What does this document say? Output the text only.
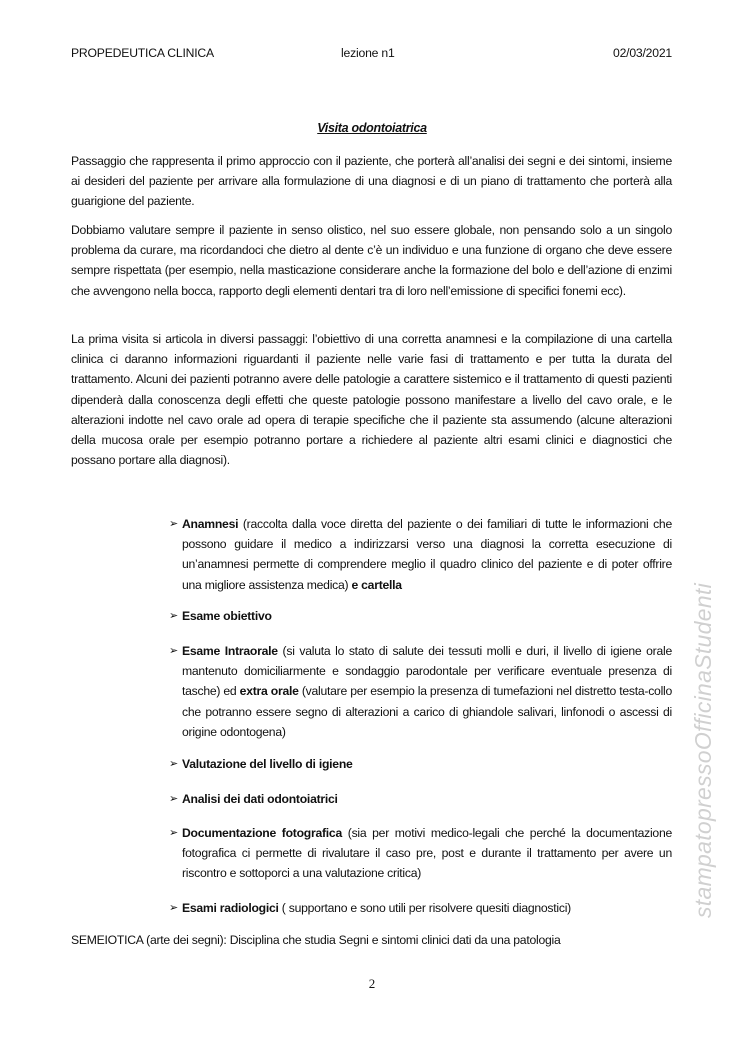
PROPEDEUTICA CLINICA	lezione n1	02/03/2021
Visita odontoiatrica

Passaggio che rappresenta il primo approccio con il paziente, che porterà all’analisi dei segni e dei sintomi, insieme ai desideri del paziente per arrivare alla formulazione di una diagnosi e di un piano di trattamento che porterà alla guarigione del paziente.

Dobbiamo valutare sempre il paziente in senso olistico, nel suo essere globale, non pensando solo a un singolo problema da curare, ma ricordandoci che dietro al dente c’è un individuo e una funzione di organo che deve essere sempre rispettata (per esempio, nella masticazione considerare anche la formazione del bolo e dell’azione di enzimi che avvengono nella bocca, rapporto degli elementi dentari tra di loro nell’emissione di specifici fonemi ecc).

La prima visita si articola in diversi passaggi: l’obiettivo di una corretta anamnesi e la compilazione di una cartella clinica ci daranno informazioni riguardanti il paziente nelle varie fasi di trattamento e per tutta la durata del trattamento. Alcuni dei pazienti potranno avere delle patologie a carattere sistemico e il trattamento di questi pazienti dipenderà dalla conoscenza degli effetti che queste patologie possono manifestare a livello del cavo orale, e le alterazioni indotte nel cavo orale ad opera di terapie specifiche che il paziente sta assumendo (alcune alterazioni della mucosa orale per esempio potranno portare a richiedere al paziente altri esami clinici e diagnostici che possano portare alla diagnosi).

➢ Anamnesi (raccolta dalla voce diretta del paziente o dei familiari di tutte le informazioni che possono guidare il medico a indirizzarsi verso una diagnosi la corretta esecuzione di un’anamnesi permette di comprendere meglio il quadro clinico del paziente e di poter offrire una migliore assistenza medica) e cartella

➢ Esame obiettivo

➢ Esame Intraorale (si valuta lo stato di salute dei tessuti molli e duri, il livello di igiene orale mantenuto domiciliarmente e sondaggio parodontale per verificare eventuale presenza di tasche) ed extra orale (valutare per esempio la presenza di tumefazioni nel distretto testa-collo che potranno essere segno di alterazioni a carico di ghiandole salivari, linfonodi o ascessi di origine odontogena)

➢ Valutazione del livello di igiene

➢ Analisi dei dati odontoiatrici

➢ Documentazione fotografica (sia per motivi medico-legali che perché la documentazione fotografica ci permette di rivalutare il caso pre, post e durante il trattamento per avere un riscontro e sottoporci a una valutazione critica)

➢ Esami radiologici ( supportano e sono utili per risolvere quesiti diagnostici)

SEMEIOTICA (arte dei segni): Disciplina che studia Segni e sintomi clinici dati da una patologia

2
stampatopressoOfficinaStudenti
